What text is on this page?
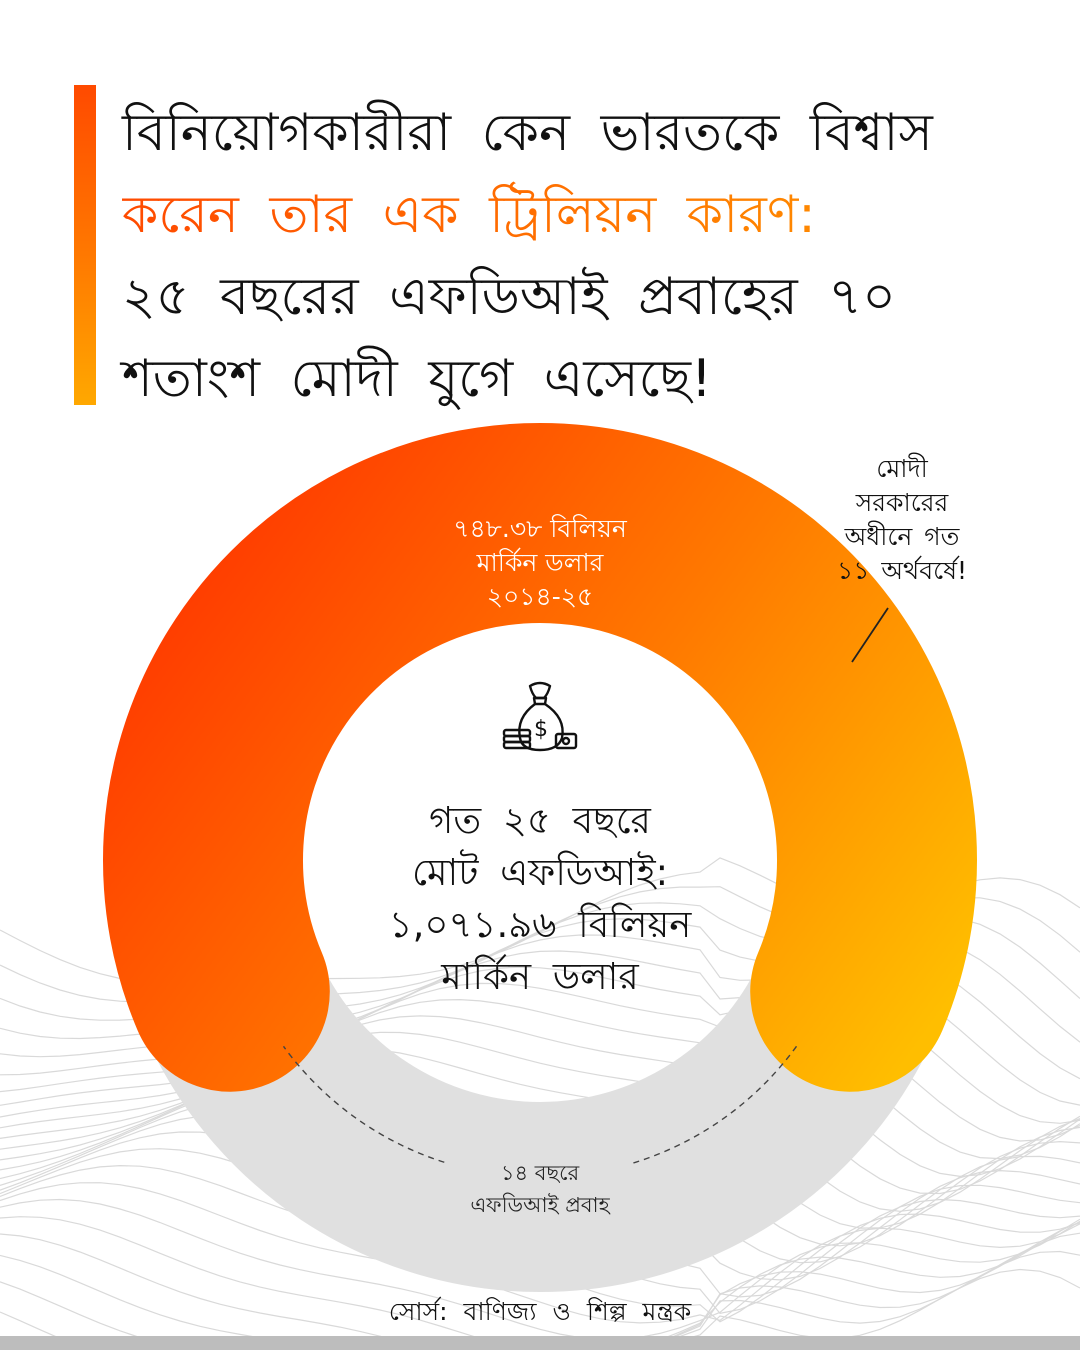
বিনিয়োগকারীরা কেন ভারতকে বিশ্বাস
করেন তার এক ট্রিলিয়ন কারণ:
২৫ বছরের এফডিআই প্রবাহের ৭০
শতাংশ মোদী যুগে এসেছে!
৭৪৮.৩৮ বিলিয়ন মার্কিন ডলার ২০১৪-২৫
১৪ বছরে এফডিআই প্রবাহ
$
গত ২৫ বছরে
মোট এফডিআই:
১,০৭১.৯৬ বিলিয়ন
মার্কিন ডলার
মোদী
সরকারের
অধীনে গত
১১ অর্থবর্ষে!
সোর্স: বাণিজ্য ও শিল্প মন্ত্রক
